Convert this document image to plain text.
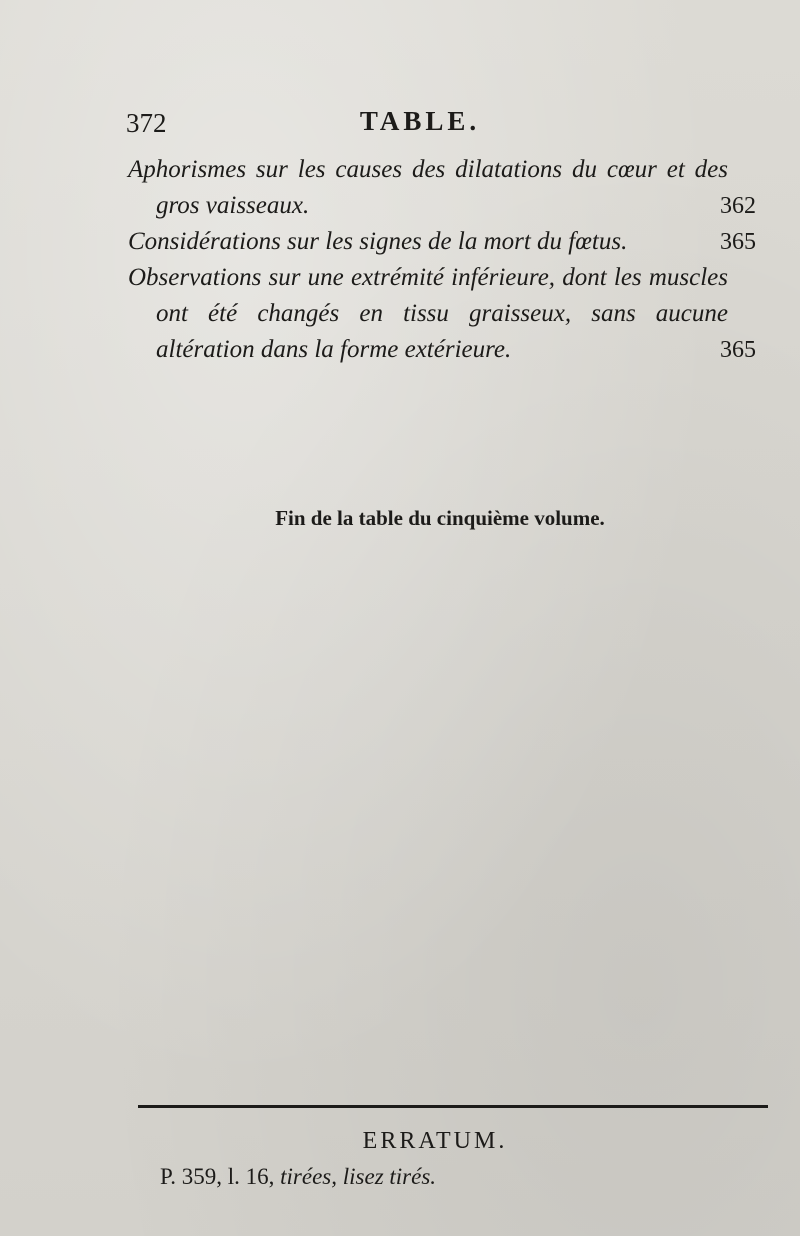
372	TABLE.
Aphorismes sur les causes des dilatations du cœur et des gros vaisseaux.	362
Considérations sur les signes de la mort du fœtus.	365
Observations sur une extrémité inférieure, dont les muscles ont été changés en tissu graisseux, sans aucune altération dans la forme extérieure.	365
Fin de la table du cinquième volume.
ERRATUM.
P. 359, l. 16, tirées, lisez tirés.
